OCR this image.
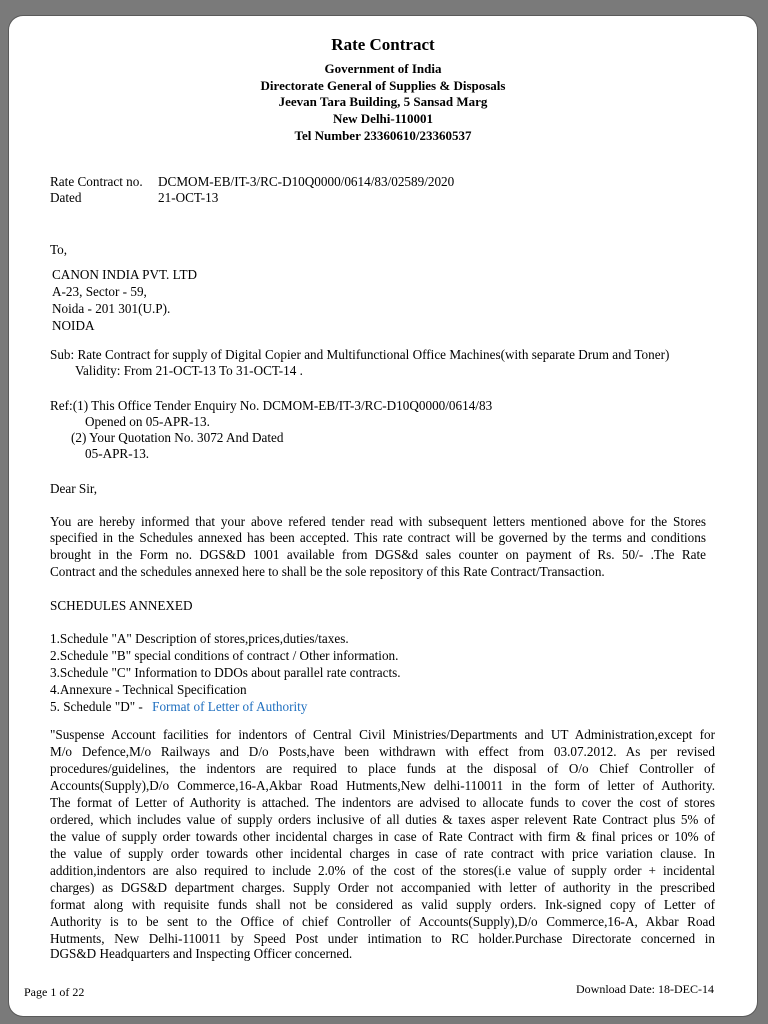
Rate Contract
Government of India
Directorate General of Supplies & Disposals
Jeevan Tara Building, 5 Sansad Marg
New Delhi-110001
Tel Number 23360610/23360537
Rate Contract no. DCMOM-EB/IT-3/RC-D10Q0000/0614/83/02589/2020
Dated	21-OCT-13
To,
CANON INDIA PVT. LTD
A-23, Sector - 59,
Noida - 201 301(U.P).
NOIDA
Sub: Rate Contract for supply of Digital Copier and Multifunctional Office Machines(with separate Drum and Toner)
Validity: From 21-OCT-13 To 31-OCT-14 .
Ref:(1) This Office Tender Enquiry No. DCMOM-EB/IT-3/RC-D10Q0000/0614/83
Opened on 05-APR-13.
(2) Your Quotation No. 3072 And Dated
05-APR-13.
Dear Sir,
You are hereby informed that your above refered tender read with subsequent letters mentioned above for the Stores
specified in the Schedules annexed has been accepted. This rate contract will be governed by the terms and conditions
brought in the Form no. DGS&D 1001 available from DGS&d sales counter on payment of Rs. 50/- .The Rate
Contract and the schedules annexed here to shall be the sole repository of this Rate Contract/Transaction.
SCHEDULES ANNEXED
1.Schedule "A" Description of stores,prices,duties/taxes.
2.Schedule "B" special conditions of contract / Other information.
3.Schedule "C" Information to DDOs about parallel rate contracts.
4.Annexure - Technical Specification
5. Schedule "D" - Format of Letter of Authority
"Suspense Account facilities for indentors of Central Civil Ministries/Departments and UT Administration,except for
M/o Defence,M/o Railways and D/o Posts,have been withdrawn with effect from 03.07.2012. As per revised
procedures/guidelines, the indentors are required to place funds at the disposal of O/o Chief Controller of
Accounts(Supply),D/o Commerce,16-A,Akbar Road Hutments,New delhi-110011 in the form of letter of Authority.
The format of Letter of Authority is attached. The indentors are advised to allocate funds to cover the cost of stores
ordered, which includes value of supply orders inclusive of all duties & taxes asper relevent Rate Contract plus 5% of
the value of supply order towards other incidental charges in case of Rate Contract with firm & final prices or 10% of
the value of supply order towards other incidental charges in case of rate contract with price variation clause. In
addition,indentors are also required to include 2.0% of the cost of the stores(i.e value of supply order + incidental
charges) as DGS&D department charges. Supply Order not accompanied with letter of authority in the prescribed
format along with requisite funds shall not be considered as valid supply orders. Ink-signed copy of Letter of
Authority is to be sent to the Office of chief Controller of Accounts(Supply),D/o Commerce,16-A, Akbar Road
Hutments, New Delhi-110011 by Speed Post under intimation to RC holder.Purchase Directorate concerned in
DGS&D Headquarters and Inspecting Officer concerned.
Page 1 of 22	Download Date: 18-DEC-14
